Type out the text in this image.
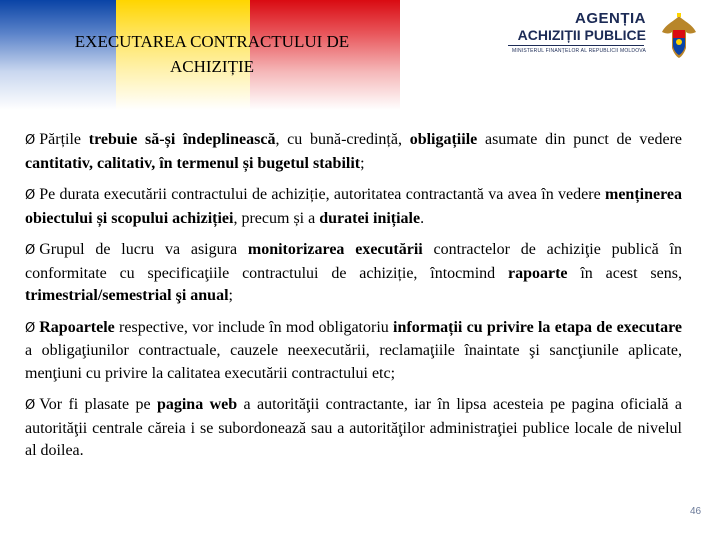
EXECUTAREA CONTRACTULUI DE
ACHIZIȚIE
AGENȚIA
ACHIZIȚII PUBLICE
MINISTERUL FINANȚELOR AL REPUBLICII MOLDOVA

Ø Părțile trebuie să-și îndeplinească, cu bună-credință, obligațiile asumate din punct de vedere cantitativ, calitativ, în termenul și bugetul stabilit;

Ø Pe durata executării contractului de achiziție, autoritatea contractantă va avea în vedere menținerea obiectului și scopului achiziției, precum și a duratei inițiale.

Ø Grupul de lucru va asigura monitorizarea executării contractelor de achiziţie publică în conformitate cu specificaţiile contractului de achiziție, întocmind rapoarte în acest sens, trimestrial/semestrial şi anual;

Ø Rapoartele respective, vor include în mod obligatoriu informații cu privire la etapa de executare a obligaţiunilor contractuale, cauzele neexecutării, reclamaţiile înaintate şi sancţiunile aplicate, menţiuni cu privire la calitatea executării contractului etc;

Ø Vor fi plasate pe pagina web a autorităţii contractante, iar în lipsa acesteia pe pagina oficială a autorităţii centrale căreia i se subordonează sau a autorităţilor administraţiei publice locale de nivelul al doilea.

46
